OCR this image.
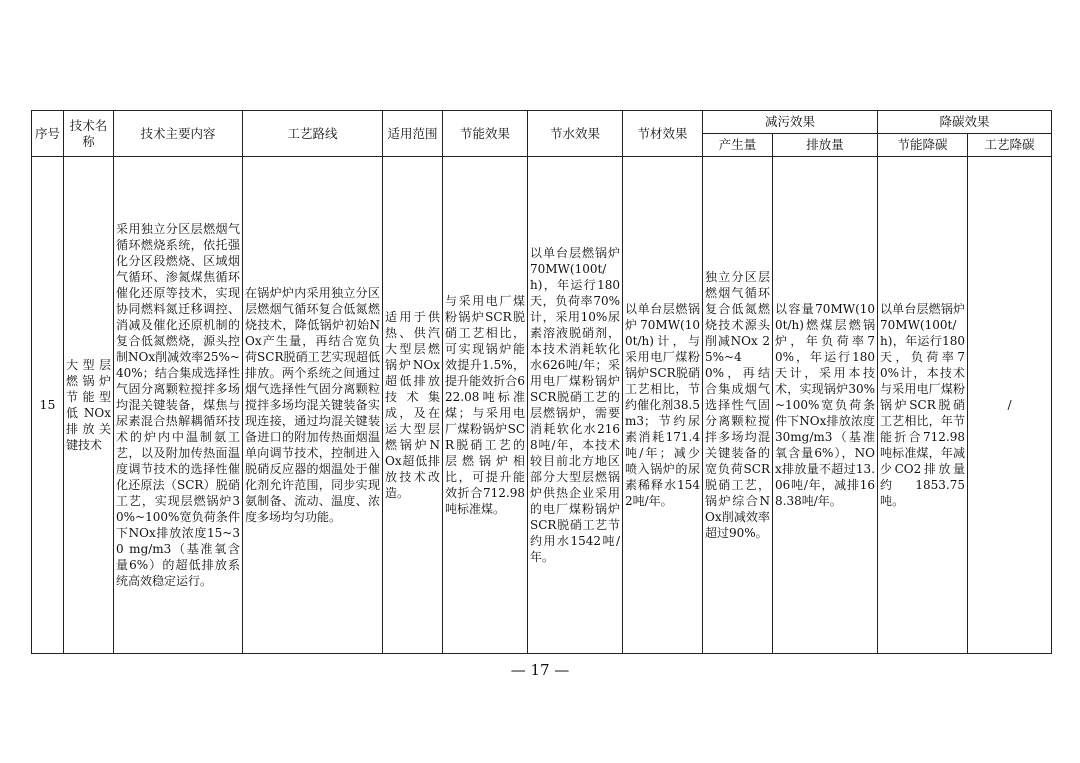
序号	技术名称	技术主要内容	工艺路线	适用范围	节能效果	节水效果	节材效果	减污效果		降碳效果	
								产生量	排放量	节能降碳	工艺降碳
15	大型层燃锅炉节能型低NOx排放关键技术	采用独立分区层燃烟气循环燃烧系统，依托强化分区段燃烧、区域烟气循环、渗氮煤焦循环催化还原等技术，实现协同燃料氮迁移调控、消减及催化还原机制的复合低氮燃烧，源头控制NOx削减效率25%~40%；结合集成选择性气固分离颗粒搅拌多场均混关键装备，煤焦与尿素混合热解耦循环技术的炉内中温制氨工艺，以及附加传热面温度调节技术的选择性催化还原法（SCR）脱硝工艺，实现层燃锅炉30%~100%宽负荷条件下NOx排放浓度15~30 mg/m3（基准氧含量6%）的超低排放系统高效稳定运行。	在锅炉炉内采用独立分区层燃烟气循环复合低氮燃烧技术，降低锅炉初始NOx产生量，再结合宽负荷SCR脱硝工艺实现超低排放。两个系统之间通过烟气选择性气固分离颗粒搅拌多场均混关键装备实现连接，通过均混关键装备进口的附加传热面烟温单向调节技术，控制进入脱硝反应器的烟温处于催化剂允许范围，同步实现氨制备、流动、温度、浓度多场均匀功能。	适用于供热、供汽大型层燃锅炉NOx超低排放技术集成，及在运大型层燃锅炉NOx超低排放技术改造。	与采用电厂煤粉锅炉SCR脱硝工艺相比，可实现锅炉能效提升1.5%，提升能效折合622.08吨标准煤；与采用电厂煤粉锅炉SCR脱硝工艺的层燃锅炉相比，可提升能效折合712.98吨标准煤。	以单台层燃锅炉70MW(100t/h)，年运行180天，负荷率70%计，采用10%尿素溶液脱硝剂，本技术消耗软化水626吨/年；采用电厂煤粉锅炉SCR脱硝工艺的层燃锅炉，需要消耗软化水2168吨/年，本技术较目前北方地区部分大型层燃锅炉供热企业采用的电厂煤粉锅炉SCR脱硝工艺节约用水1542吨/年。	以单台层燃锅炉70MW(100t/h)计，与采用电厂煤粉锅炉SCR脱硝工艺相比，节约催化剂38.5m3；节约尿素消耗171.4吨/年；减少喷入锅炉的尿素稀释水1542吨/年。	独立分区层燃烟气循环复合低氮燃烧技术源头削减NOx 25%~40%，再结合集成烟气选择性气固分离颗粒搅拌多场均混关键装备的宽负荷SCR脱硝工艺，锅炉综合NOx削减效率超过90%。	以容量70MW(100t/h)燃煤层燃锅炉，年负荷率70%，年运行180天计，采用本技术，实现锅炉30%~100%宽负荷条件下NOx排放浓度30mg/m3（基准氧含量6%），NOx排放量不超过13.06吨/年，减排168.38吨/年。	以单台层燃锅炉70MW(100t/h)，年运行180天，负荷率70%计，本技术与采用电厂煤粉锅炉SCR脱硝工艺相比，年节能折合712.98吨标准煤，年减少CO2排放量约1853.75吨。	/
— 17 —
